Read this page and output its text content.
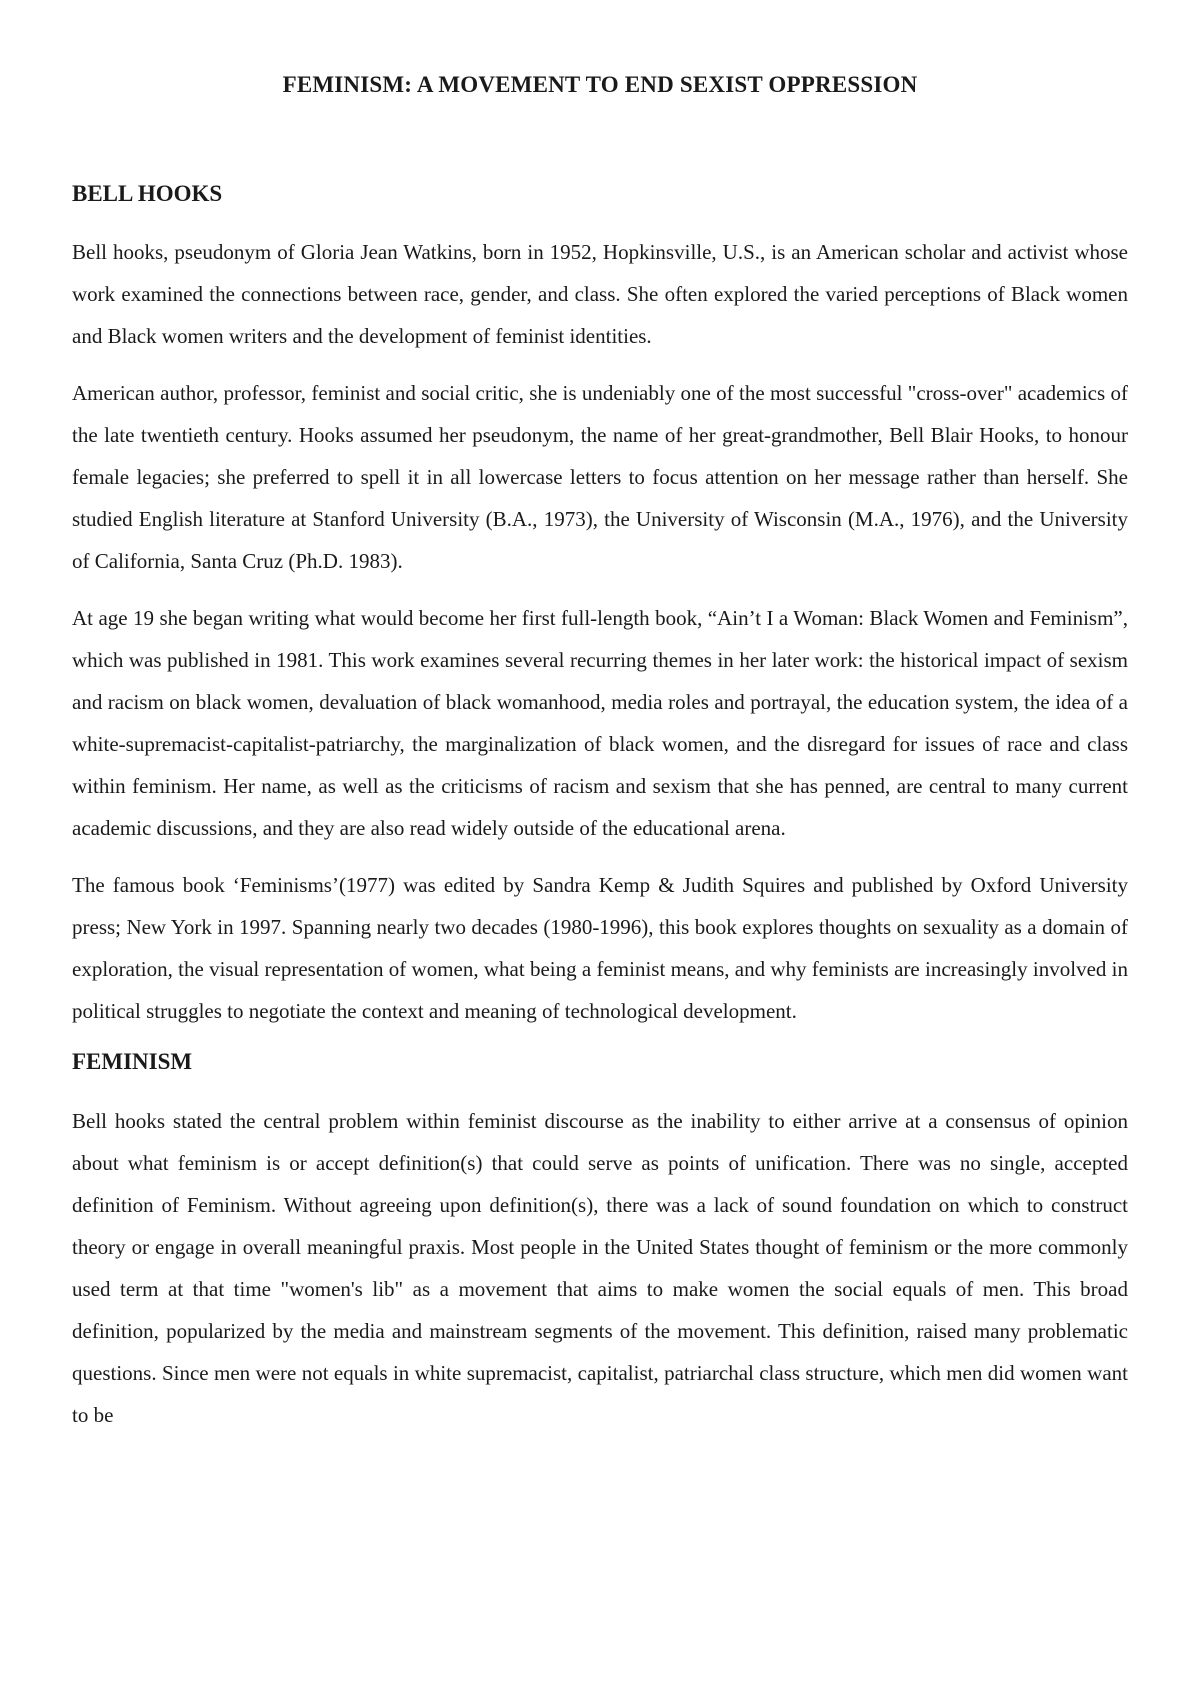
FEMINISM: A MOVEMENT TO END SEXIST OPPRESSION
BELL HOOKS

Bell hooks, pseudonym of Gloria Jean Watkins, born in 1952, Hopkinsville, U.S., is an American scholar and activist whose work examined the connections between race, gender, and class. She often explored the varied perceptions of Black women and Black women writers and the development of feminist identities.

American author, professor, feminist and social critic, she is undeniably one of the most successful "cross-over" academics of the late twentieth century. Hooks assumed her pseudonym, the name of her great-grandmother, Bell Blair Hooks, to honour female legacies; she preferred to spell it in all lowercase letters to focus attention on her message rather than herself. She studied English literature at Stanford University (B.A., 1973), the University of Wisconsin (M.A., 1976), and the University of California, Santa Cruz (Ph.D. 1983).

At age 19 she began writing what would become her first full-length book, “Ain’t I a Woman: Black Women and Feminism”, which was published in 1981. This work examines several recurring themes in her later work: the historical impact of sexism and racism on black women, devaluation of black womanhood, media roles and portrayal, the education system, the idea of a white-supremacist-capitalist-patriarchy, the marginalization of black women, and the disregard for issues of race and class within feminism. Her name, as well as the criticisms of racism and sexism that she has penned, are central to many current academic discussions, and they are also read widely outside of the educational arena.

The famous book ‘Feminisms’(1977) was edited by Sandra Kemp & Judith Squires and published by Oxford University press; New York in 1997. Spanning nearly two decades (1980-1996), this book explores thoughts on sexuality as a domain of exploration, the visual representation of women, what being a feminist means, and why feminists are increasingly involved in political struggles to negotiate the context and meaning of technological development.

FEMINISM

Bell hooks stated the central problem within feminist discourse as the inability to either arrive at a consensus of opinion about what feminism is or accept definition(s) that could serve as points of unification. There was no single, accepted definition of Feminism. Without agreeing upon definition(s), there was a lack of sound foundation on which to construct theory or engage in overall meaningful praxis. Most people in the United States thought of feminism or the more commonly used term at that time "women's lib" as a movement that aims to make women the social equals of men. This broad definition, popularized by the media and mainstream segments of the movement. This definition, raised many problematic questions. Since men were not equals in white supremacist, capitalist, patriarchal class structure, which men did women want to be
